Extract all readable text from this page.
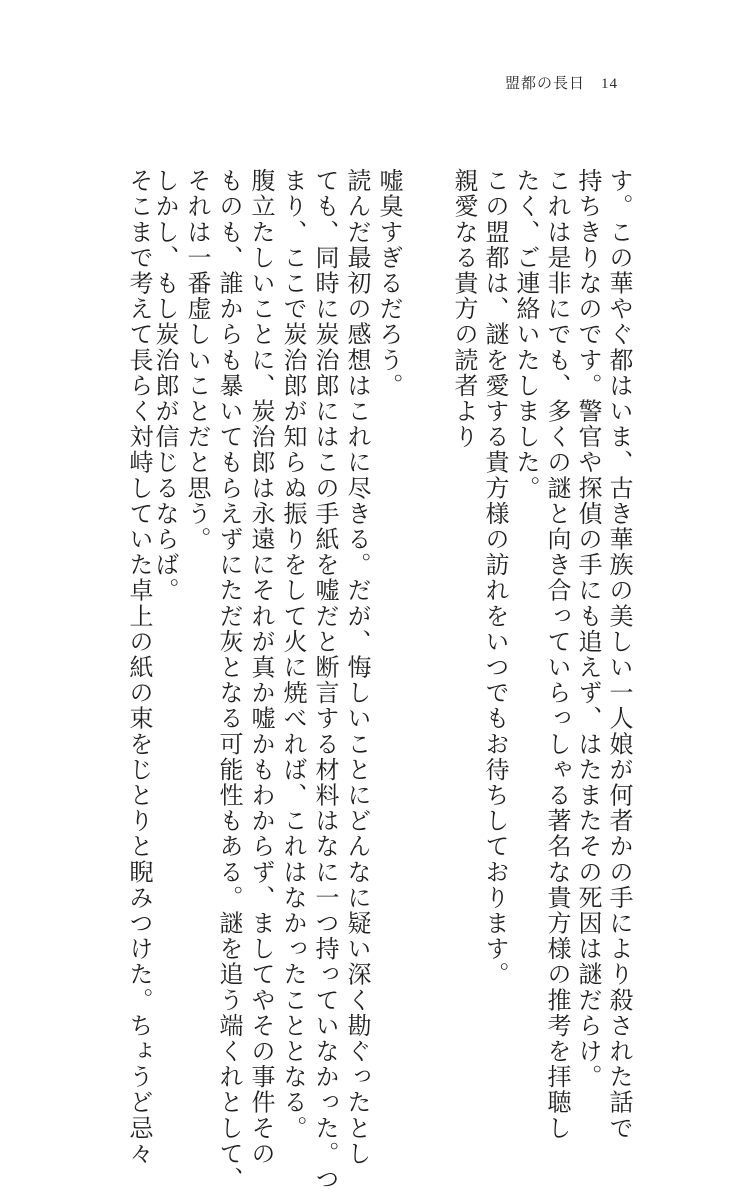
盟都の長日 14
す。この華やぐ都はいま、古き華族の美しい一人娘が何者かの手により殺された話で
持ちきりなのです。警官や探偵の手にも追えず、はたまたその死因は謎だらけ。
これは是非にでも、多くの謎と向き合っていらっしゃる著名な貴方様の推考を拝聴し
たく、ご連絡いたしました。
この盟都は、謎を愛する貴方様の訪れをいつでもお待ちしております。
親愛なる貴方の読者より
嘘臭すぎるだろう。
読んだ最初の感想はこれに尽きる。だが、悔しいことにどんなに疑い深く勘ぐったとし
ても、同時に炭治郎にはこの手紙を嘘だと断言する材料はなに一つ持っていなかった。つ
まり、ここで炭治郎が知らぬ振りをして火に焼べれば、これはなかったこととなる。
腹立たしいことに、炭治郎は永遠にそれが真か嘘かもわからず、ましてやその事件その
ものも、誰からも暴いてもらえずにただ灰となる可能性もある。謎を追う端くれとして、
それは一番虚しいことだと思う。
しかし、もし炭治郎が信じるならば。
そこまで考えて長らく対峙していた卓上の紙の束をじとりと睨みつけた。ちょうど忌々
